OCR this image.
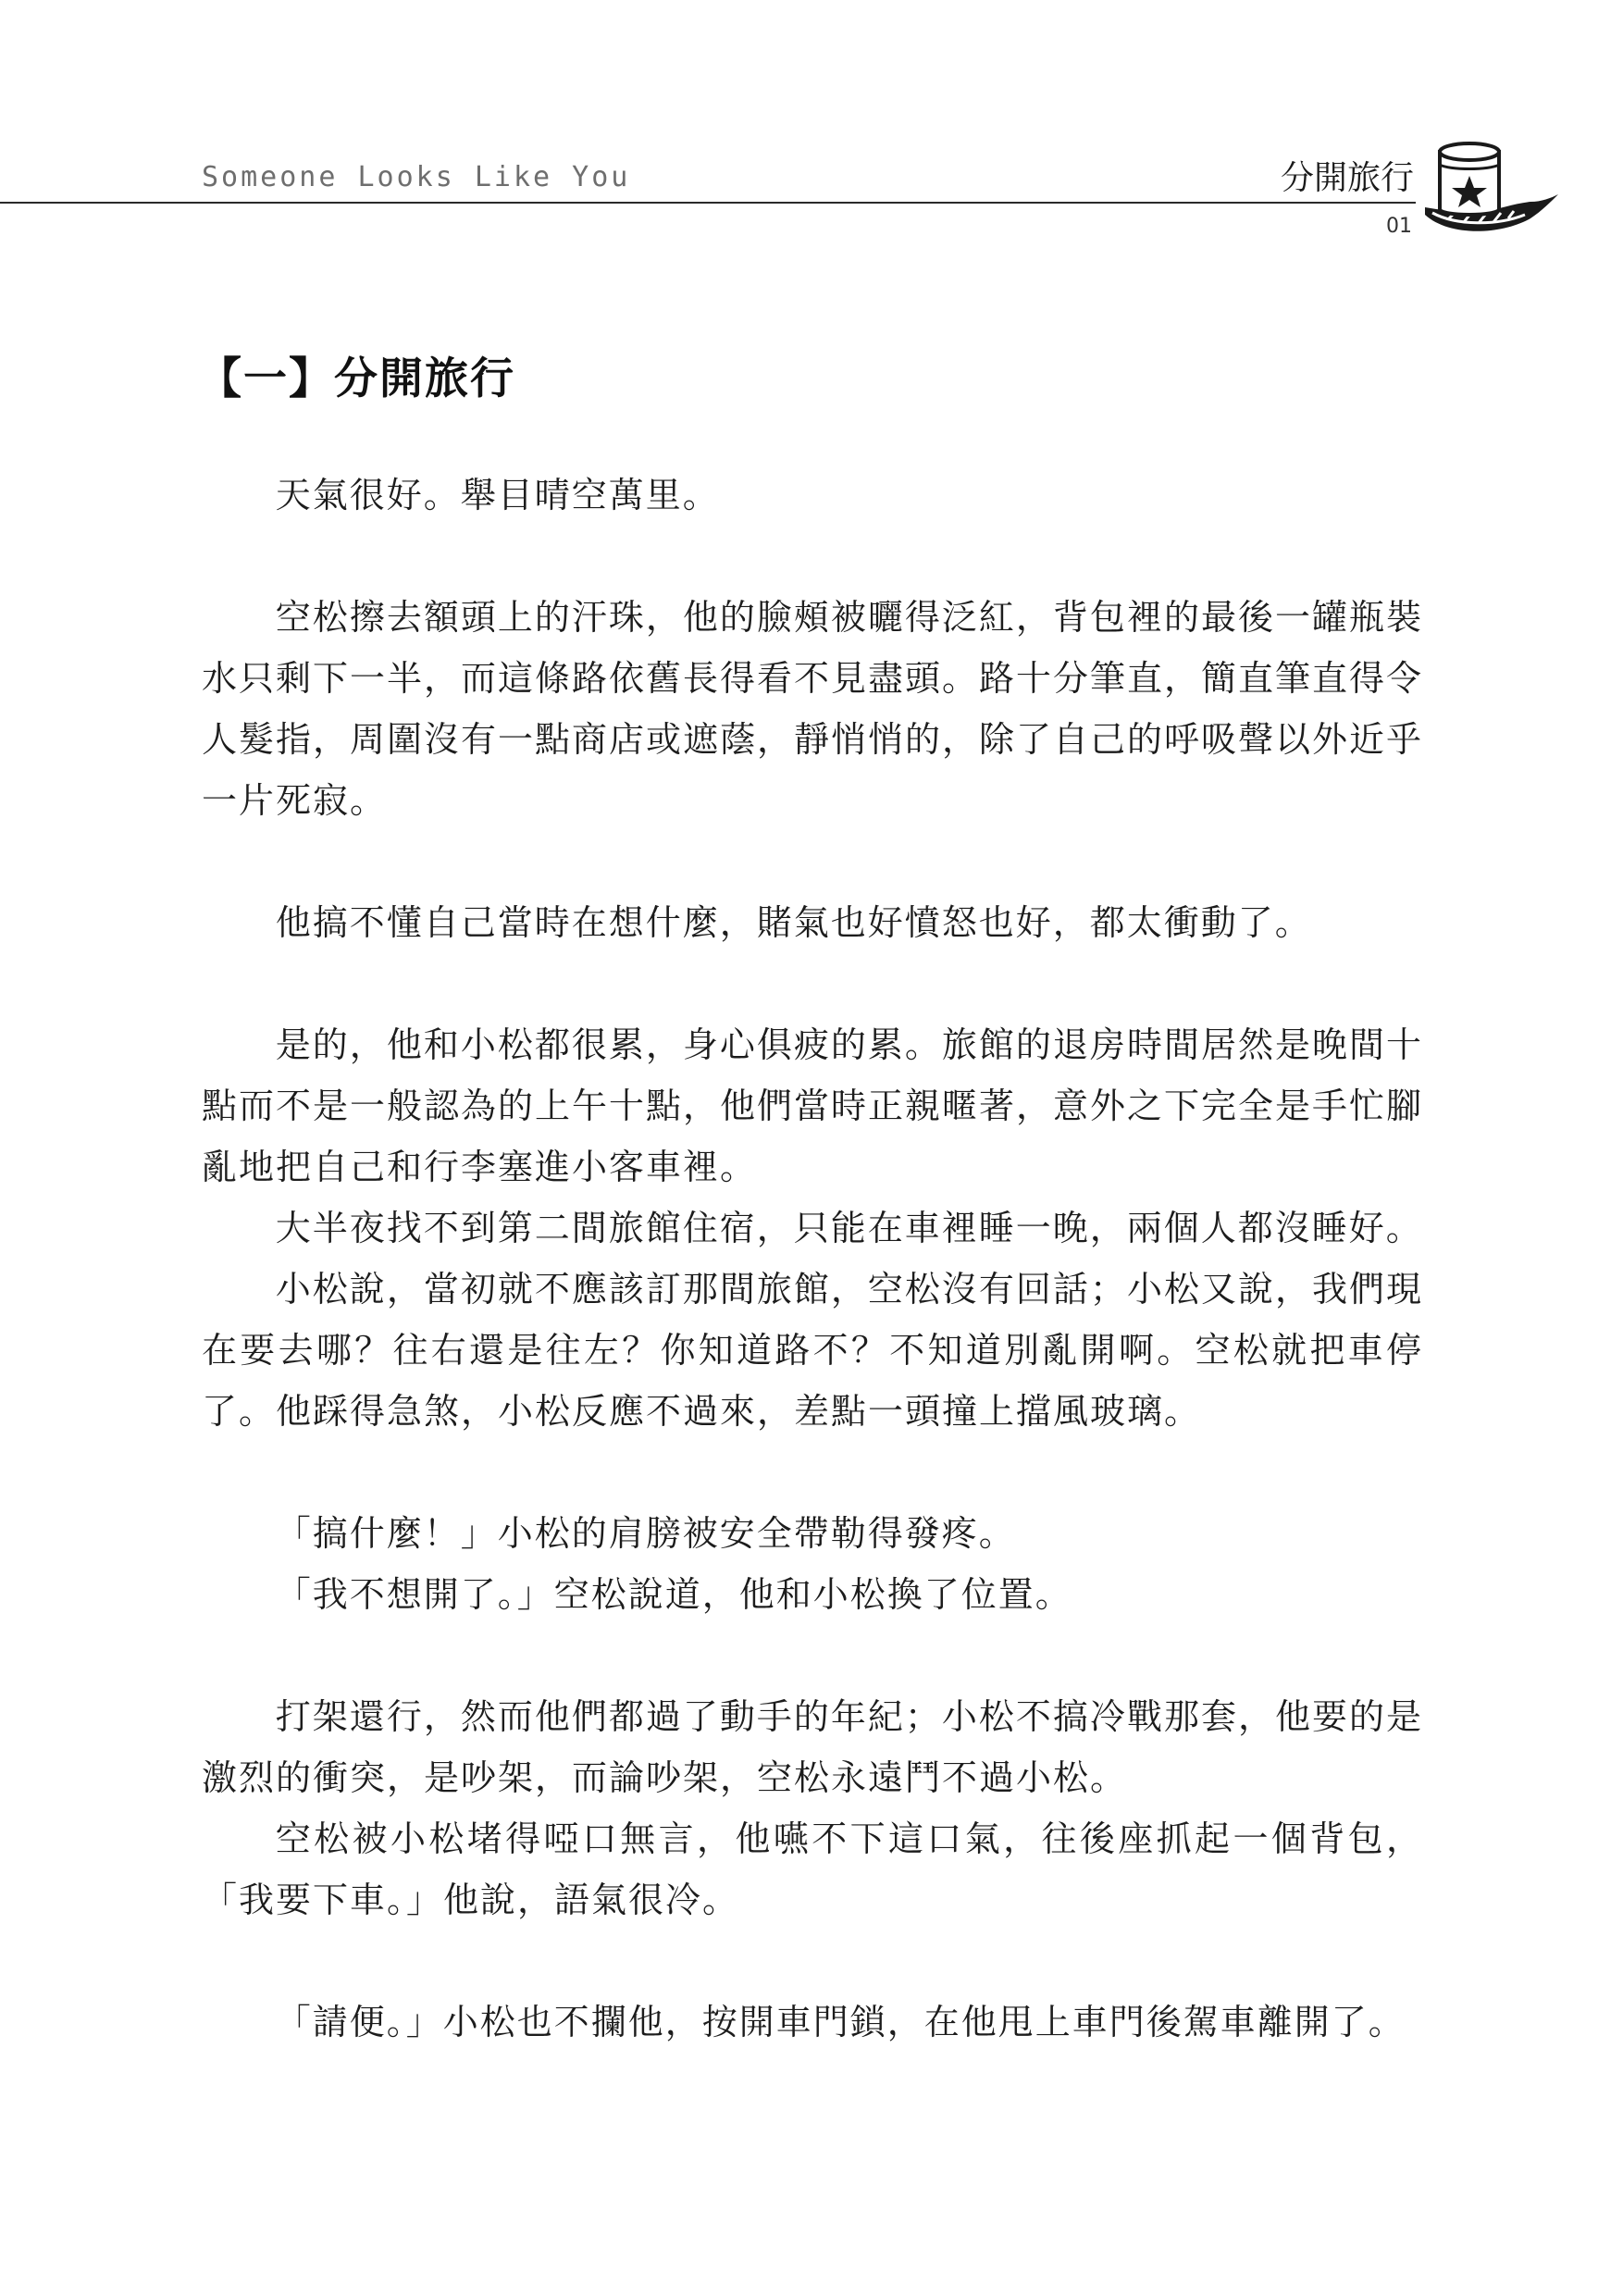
Someone Looks Like You	分開旅行
01
【一】分開旅行

天氣很好。舉目晴空萬里。

空松擦去額頭上的汗珠，他的臉頰被曬得泛紅，背包裡的最後一罐瓶裝水只剩下一半，而這條路依舊長得看不見盡頭。路十分筆直，簡直筆直得令人髮指，周圍沒有一點商店或遮蔭，靜悄悄的，除了自己的呼吸聲以外近乎一片死寂。

他搞不懂自己當時在想什麼，賭氣也好憤怒也好，都太衝動了。

是的，他和小松都很累，身心俱疲的累。旅館的退房時間居然是晚間十點而不是一般認為的上午十點，他們當時正親暱著，意外之下完全是手忙腳亂地把自己和行李塞進小客車裡。

大半夜找不到第二間旅館住宿，只能在車裡睡一晚，兩個人都沒睡好。

小松說，當初就不應該訂那間旅館，空松沒有回話；小松又說，我們現在要去哪？往右還是往左？你知道路不？不知道別亂開啊。空松就把車停了。他踩得急煞，小松反應不過來，差點一頭撞上擋風玻璃。

「搞什麼！」小松的肩膀被安全帶勒得發疼。

「我不想開了。」空松說道，他和小松換了位置。

打架還行，然而他們都過了動手的年紀；小松不搞冷戰那套，他要的是激烈的衝突，是吵架，而論吵架，空松永遠鬥不過小松。

空松被小松堵得啞口無言，他嚥不下這口氣，往後座抓起一個背包，「我要下車。」他說，語氣很冷。

「請便。」小松也不攔他，按開車門鎖，在他甩上車門後駕車離開了。
